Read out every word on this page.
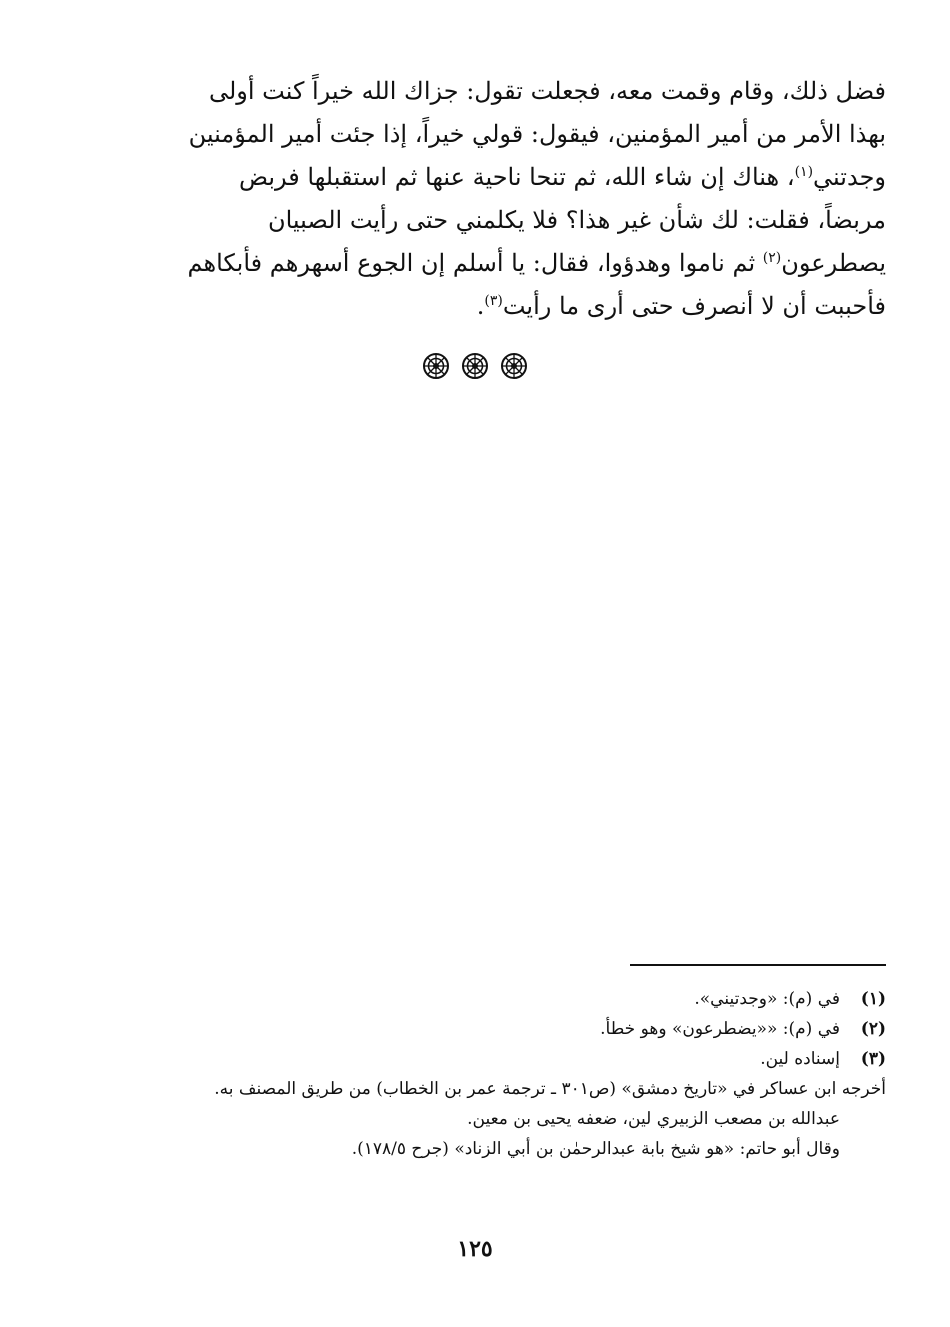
فضل ذلك، وقام وقمت معه، فجعلت تقول: جزاك الله خيراً كنت أولى
بهذا الأمر من أمير المؤمنين، فيقول: قولي خيراً، إذا جئت أمير المؤمنين
وجدتني$^{(١)}$، هناك إن شاء الله، ثم تنحا ناحية عنها ثم استقبلها فربض
مربضاً، فقلت: لك شأن غير هذا؟ فلا يكلمني حتى رأيت الصبيان
يصطرعون$^{(٢)}$ ثم ناموا وهدؤوا، فقال: يا أسلم إن الجوع أسهرهم فأبكاهم
فأحببت أن لا أنصرف حتى أرى ما رأيت$^{(٣)}$.

(١)
في (م): «وجدتيني».
(٢)
في (م): ««يضطرعون» وهو خطأ.
(٣)
إسناده لين.
أخرجه ابن عساكر في «تاريخ دمشق» (ص٣٠١ ـ ترجمة عمر بن الخطاب) من طريق المصنف به.
عبدالله بن مصعب الزبيري لين، ضعفه يحيى بن معين.
وقال أبو حاتم: «هو شيخ بابة عبدالرحمٰن بن أبي الزناد» (جرح ١٧٨/٥).
١٢٥
